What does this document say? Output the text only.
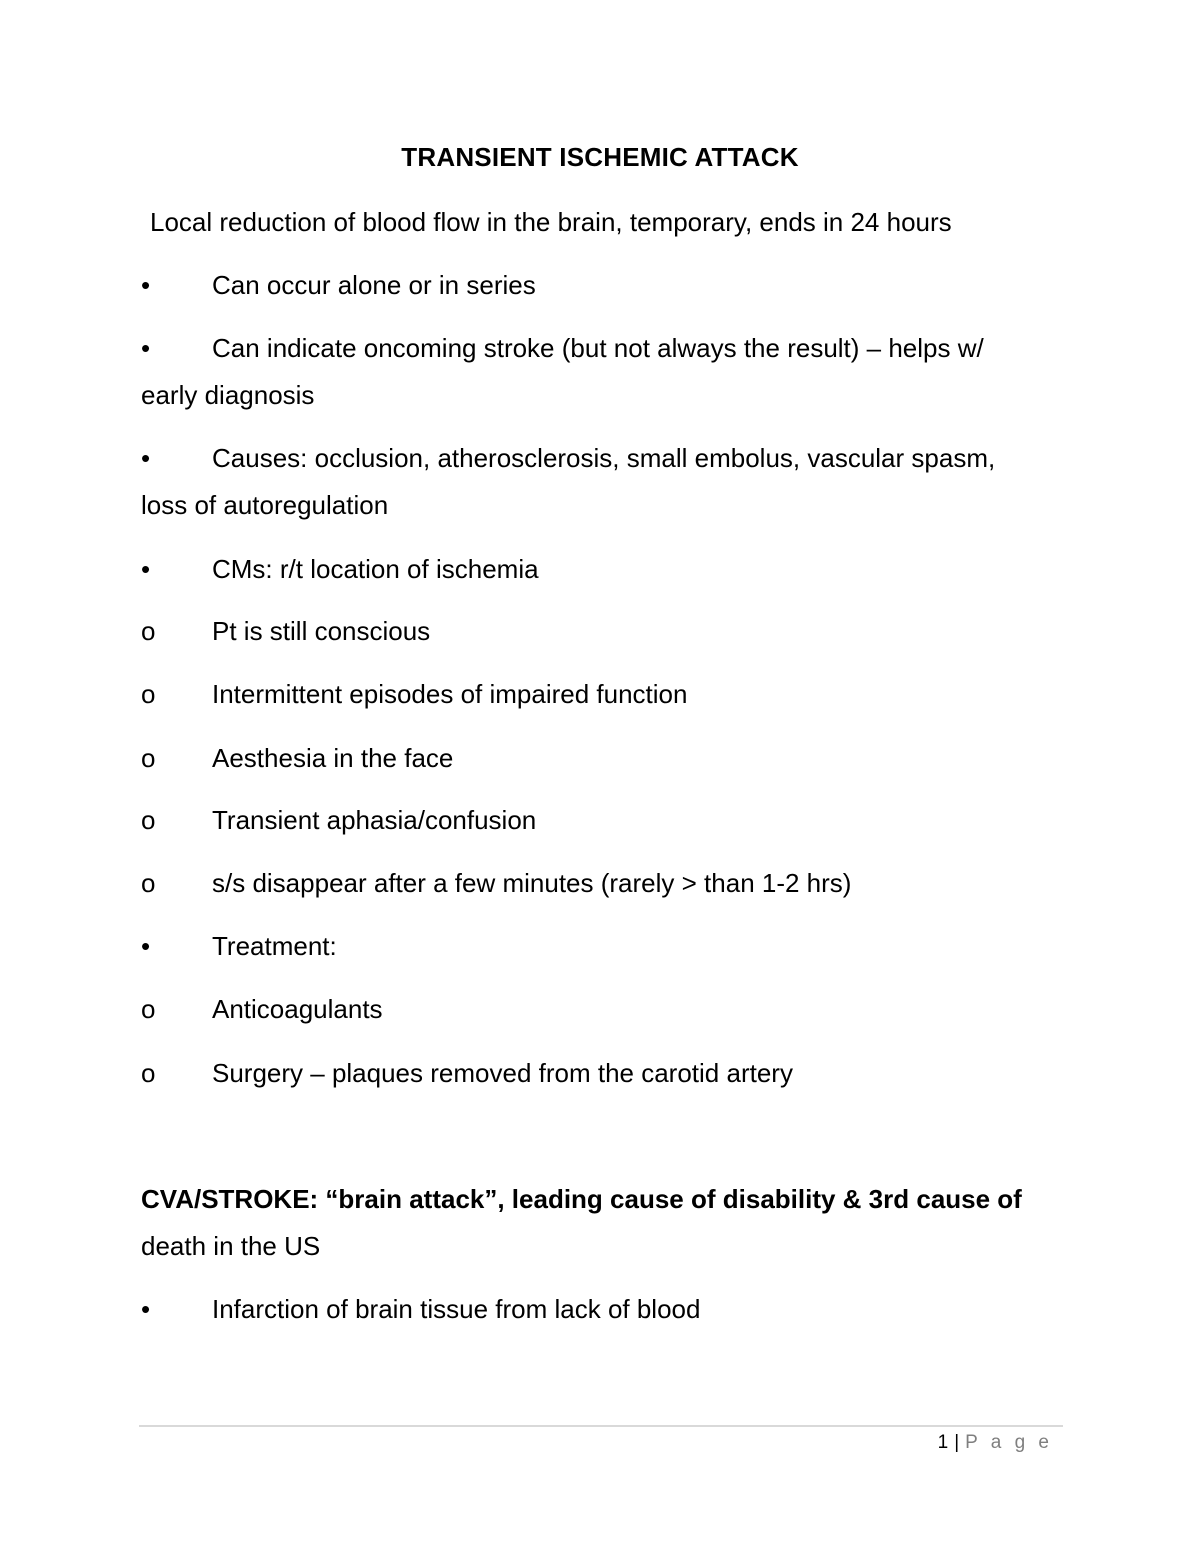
TRANSIENT ISCHEMIC ATTACK
Local reduction of blood flow in the brain, temporary, ends in 24 hours
• Can occur alone or in series
• Can indicate oncoming stroke (but not always the result) – helps w/
early diagnosis
• Causes: occlusion, atherosclerosis, small embolus, vascular spasm,
loss of autoregulation
• CMs: r/t location of ischemia
o Pt is still conscious
o Intermittent episodes of impaired function
o Aesthesia in the face
o Transient aphasia/confusion
o s/s disappear after a few minutes (rarely > than 1-2 hrs)
• Treatment:
o Anticoagulants
o Surgery – plaques removed from the carotid artery
CVA/STROKE: “brain attack”, leading cause of disability & 3rd cause of
death in the US
• Infarction of brain tissue from lack of blood
1 | P a g e
